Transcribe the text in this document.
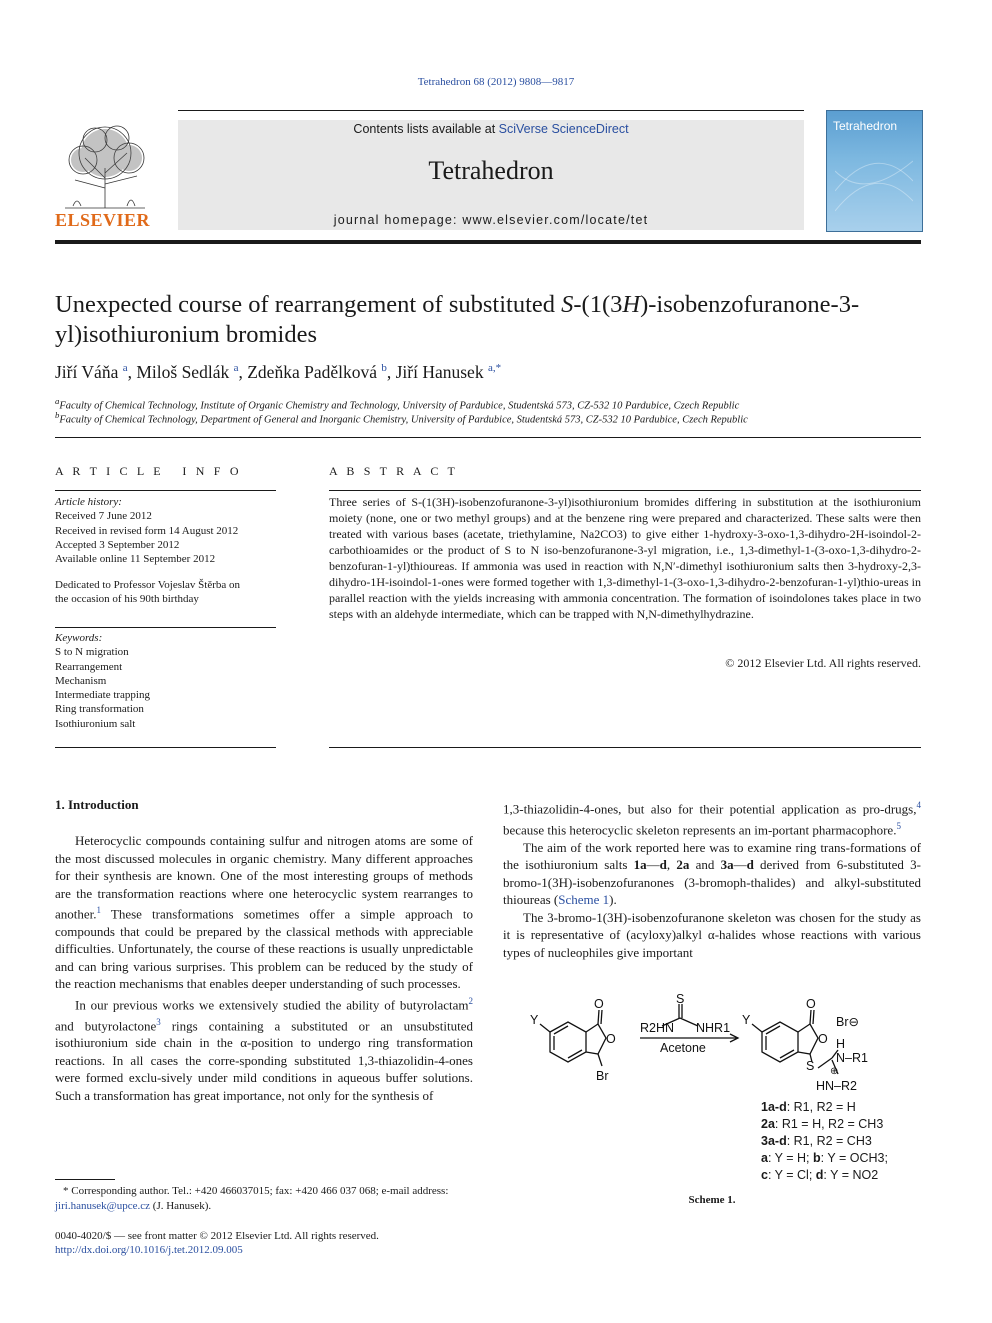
Tetrahedron 68 (2012) 9808—9817
ELSEVIER
Contents lists available at SciVerse ScienceDirect
Tetrahedron
journal homepage: www.elsevier.com/locate/tet
Tetrahedron
Unexpected course of rearrangement of substituted S-(1(3H)-isobenzofuranone-3-yl)isothiuronium bromides
Jiří Váňa $^a$, Miloš Sedlák $^a$, Zdeňka Padělková $^b$, Jiří Hanusek $^{a,*}$
$^a$Faculty of Chemical Technology, Institute of Organic Chemistry and Technology, University of Pardubice, Studentská 573, CZ-532 10 Pardubice, Czech Republic
$^b$Faculty of Chemical Technology, Department of General and Inorganic Chemistry, University of Pardubice, Studentská 573, CZ-532 10 Pardubice, Czech Republic
A R T I C L E   I N F O
Article history:
Received 7 June 2012
Received in revised form 14 August 2012
Accepted 3 September 2012
Available online 11 September 2012
Dedicated to Professor Vojeslav Štěrba on
the occasion of his 90th birthday
Keywords:
S to N migration
Rearrangement
Mechanism
Intermediate trapping
Ring transformation
Isothiuronium salt
A B S T R A C T
Three series of S-(1(3H)-isobenzofuranone-3-yl)isothiuronium bromides differing in substitution at the isothiuronium moiety (none, one or two methyl groups) and at the benzene ring were prepared and characterized. These salts were then treated with various bases (acetate, triethylamine, Na2CO3) to give either 1-hydroxy-3-oxo-1,3-dihydro-2H-isoindol-2-carbothioamides or the product of S to N iso-benzofuranone-3-yl migration, i.e., 1,3-dimethyl-1-(3-oxo-1,3-dihydro-2-benzofuran-1-yl)thioureas. If ammonia was used in reaction with N,N′-dimethyl isothiuronium salts then 3-hydroxy-2,3-dihydro-1H-isoindol-1-ones were formed together with 1,3-dimethyl-1-(3-oxo-1,3-dihydro-2-benzofuran-1-yl)thio-ureas in parallel reaction with the yields increasing with ammonia concentration. The formation of isoindolones takes place in two steps with an aldehyde intermediate, which can be trapped with N,N-dimethylhydrazine.
© 2012 Elsevier Ltd. All rights reserved.
1. Introduction

Heterocyclic compounds containing sulfur and nitrogen atoms are some of the most discussed molecules in organic chemistry. Many different approaches for their synthesis are known. One of the most interesting groups of methods are the transformation reactions where one heterocyclic system rearranges to another.$^1$ These transformations sometimes offer a simple approach to compounds that could be prepared by the classical methods with appreciable difficulties. Unfortunately, the course of these reactions is usually unpredictable and can bring various surprises. This problem can be reduced by the study of the reaction mechanisms that enables deeper understanding of such processes.

In our previous works we extensively studied the ability of butyrolactam$^2$ and butyrolactone$^3$ rings containing a substituted or an unsubstituted isothiuronium side chain in the α-position to undergo ring transformation reactions. In all cases the corre-sponding substituted 1,3-thiazolidin-4-ones were formed exclu-sively under mild conditions in aqueous buffer solutions. Such a transformation has great importance, not only for the synthesis of

1,3-thiazolidin-4-ones, but also for their potential application as pro-drugs,$^4$ because this heterocyclic skeleton represents an im-portant pharmacophore.$^5$

The aim of the work reported here was to examine ring trans-formations of the isothiuronium salts 1a—d, 2a and 3a—d derived from 6-substituted 3-bromo-1(3H)-isobenzofuranones (3-bromoph-thalides) and alkyl-substituted thioureas (Scheme 1).

The 3-bromo-1(3H)-isobenzofuranone skeleton was chosen for the study as it is representative of (acyloxy)alkyl α-halides whose reactions with various types of nucleophiles give important

Y
O
O
Br
R2HN NHR1
S
Acetone
Y
O
O
S
Br⊖
H
N–R1
⊕
HN–R2
1a-d: R1, R2 = H
2a: R1 = H, R2 = CH3
3a-d: R1, R2 = CH3
a: Y = H; b: Y = OCH3;
c: Y = Cl; d: Y = NO2
Scheme 1.
* Corresponding author. Tel.: +420 466037015; fax: +420 466 037 068; e-mail address: jiri.hanusek@upce.cz (J. Hanusek).
0040-4020/$ — see front matter © 2012 Elsevier Ltd. All rights reserved.
http://dx.doi.org/10.1016/j.tet.2012.09.005
